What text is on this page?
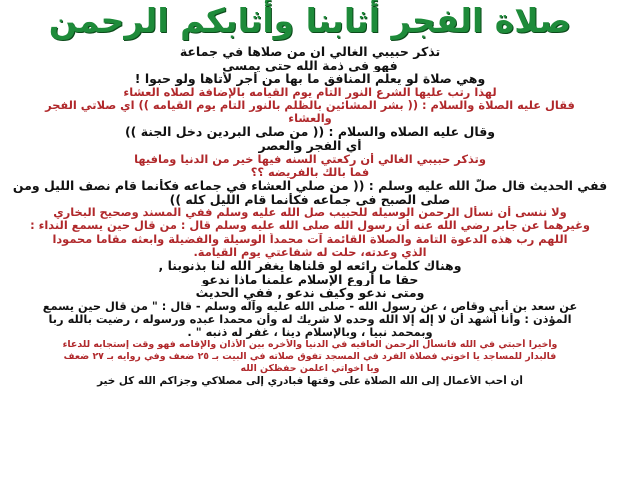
صلاة الفجر أثابنا وأثابكم الرحمن
تذكر حبيبي الغالي ان من صلاها في جماعة
فهو في ذمة الله حتى يمسي
وهي صلاة لو يعلم المنافق ما بها من أجر لأتاها ولو حبوا !
لهذا رتب عليها الشرع النور التام يوم القيامه بالإضافة لصلاه العشاء
فقال عليه الصلاة والسلام : (( بشر المشائين بالظلم بالنور التام يوم القيامه )) اي صلاتي الفجر
والعشاء
وقال عليه الصلاه والسلام : (( من صلى البردين دخل الجنة ))
أي الفجر والعصر
وتذكر حبيبي الغالي أن ركعتي السنه فيها خير من الدنيا ومافيها
فما بالك بالفريضه ؟؟
ففي الحديث قال صلّ الله عليه وسلم : (( من صلي العشاء في جماعه فكأنما قام نصف الليل ومن
صلى الصبح في جماعه فكأنما قام الليل كله ))
ولا ننسى أن نسأل الرحمن الوسيله للحبيب صل الله عليه وسلم ففي المسند وصحيح البخاري
وغيرهما عن جابر رضي الله عنه أن رسول الله صلى الله عليه وسلم قال : من قال حين يسمع النداء :
اللهم رب هذه الدعوة التامة والصلاة القائمة آت محمداً الوسيلة والفضيلة وابعثه مقاما محمودا
الذي وعدته، حلت له شفاعتي يوم القيامة.
وهناك كلمات رائعه لو قلناها يغفر الله لنا بذنوبنا ,
حقا ما أروع الإسلام علمنا ماذا ندعو
ومتى ندعو وكيف ندعو , ففي الحديث
عن سعد بن أبي وقاص ، عن رسول الله - صلى الله عليه وآله وسلم - قال : " من قال حين يسمع
المؤذن : وأنا أشهد أن لا إله إلا الله وحده لا شريك له وأن محمدا عبده ورسوله ، رضيت بالله ربا
وبمحمد نبيا ، وبالإسلام دينا ، غفر له ذنبه " .
وأخيرا أحبتي في الله فانسأل الرحمن العافيه في الدنيا والأخره بين الأذان والإقامه فهو وقت إستجابه للدعاء
فالبدار للمساجد يا اخوتي فصلاة الفرد في المسجد تفوق صلاته في البيت بـ ٢٥ ضعف وفي روايه بـ ٢٧ ضعف
ويا اخواتي اعلمن حفظكن الله
أن أحب الأعمال إلى الله الصلاة على وقتها فبادري إلى مصلاكي وجزاكم الله كل خير
